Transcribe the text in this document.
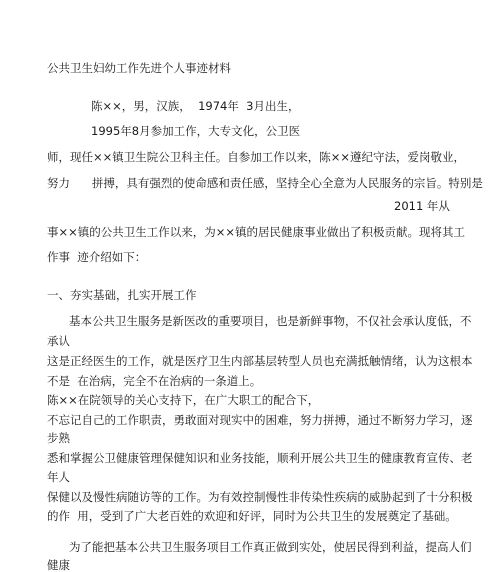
公共卫生妇幼工作先进个人事迹材料
陈××，男，汉族，  1974年  3月出生，
1995年8月参加工作，大专文化，公卫医
师，现任××镇卫生院公卫科主任。自参加工作以来，陈××遵纪守法，爱岗敬业，
努力      拼搏，具有强烈的使命感和责任感，坚持全心全意为人民服务的宗旨。特别是
2011 年从
事××镇的公共卫生工作以来，为××镇的居民健康事业做出了积极贡献。现将其工
作事  迹介绍如下：
一、夯实基础，扎实开展工作
基本公共卫生服务是新医改的重要项目，也是新鲜事物，不仅社会承认度低，不
承认
这是正经医生的工作，就是医疗卫生内部基层转型人员也充满抵触情绪，认为这根本
不是  在治病，完全不在治病的一条道上。
陈××在院领导的关心支持下，在广大职工的配合下，
不忘记自己的工作职责，勇敢面对现实中的困难，努力拼搏，通过不断努力学习，逐
步熟
悉和掌握公卫健康管理保健知识和业务技能，顺利开展公共卫生的健康教育宣传、老
年人
保健以及慢性病随访等的工作。为有效控制慢性非传染性疾病的威胁起到了十分积极
的作  用，受到了广大老百姓的欢迎和好评，同时为公共卫生的发展奠定了基础。
为了能把基本公共卫生服务项目工作真正做到实处，使居民得到利益，提高人们
健康
